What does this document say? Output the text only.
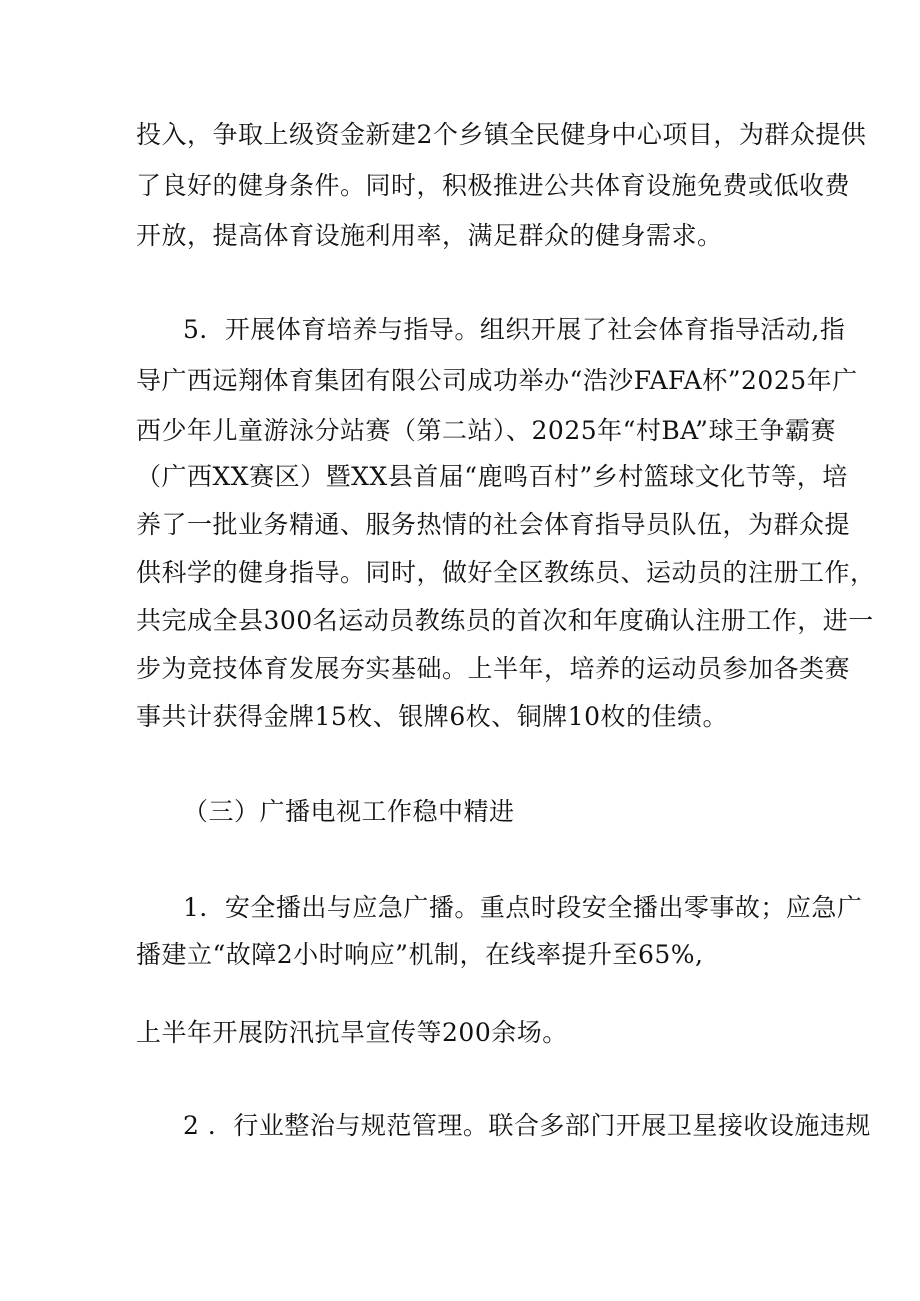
投入，争取上级资金新建2个乡镇全民健身中心项目，为群众提供
了良好的健身条件。同时，积极推进公共体育设施免费或低收费
开放，提高体育设施利用率，满足群众的健身需求。
5．开展体育培养与指导。组织开展了社会体育指导活动,指
导广西远翔体育集团有限公司成功举办“浩沙FAFA杯”2025年广
西少年儿童游泳分站赛（第二站）、2025年“村BA”球王争霸赛
（广西XX赛区）暨XX县首届“鹿鸣百村”乡村篮球文化节等，培
养了一批业务精通、服务热情的社会体育指导员队伍，为群众提
供科学的健身指导。同时，做好全区教练员、运动员的注册工作，
共完成全县300名运动员教练员的首次和年度确认注册工作，进一
步为竞技体育发展夯实基础。上半年，培养的运动员参加各类赛
事共计获得金牌15枚、银牌6枚、铜牌10枚的佳绩。
（三）广播电视工作稳中精进
1．安全播出与应急广播。重点时段安全播出零事故；应急广
播建立“故障2小时响应”机制，在线率提升至65%,
上半年开展防汛抗旱宣传等200余场。
2 ．行业整治与规范管理。联合多部门开展卫星接收设施违规
